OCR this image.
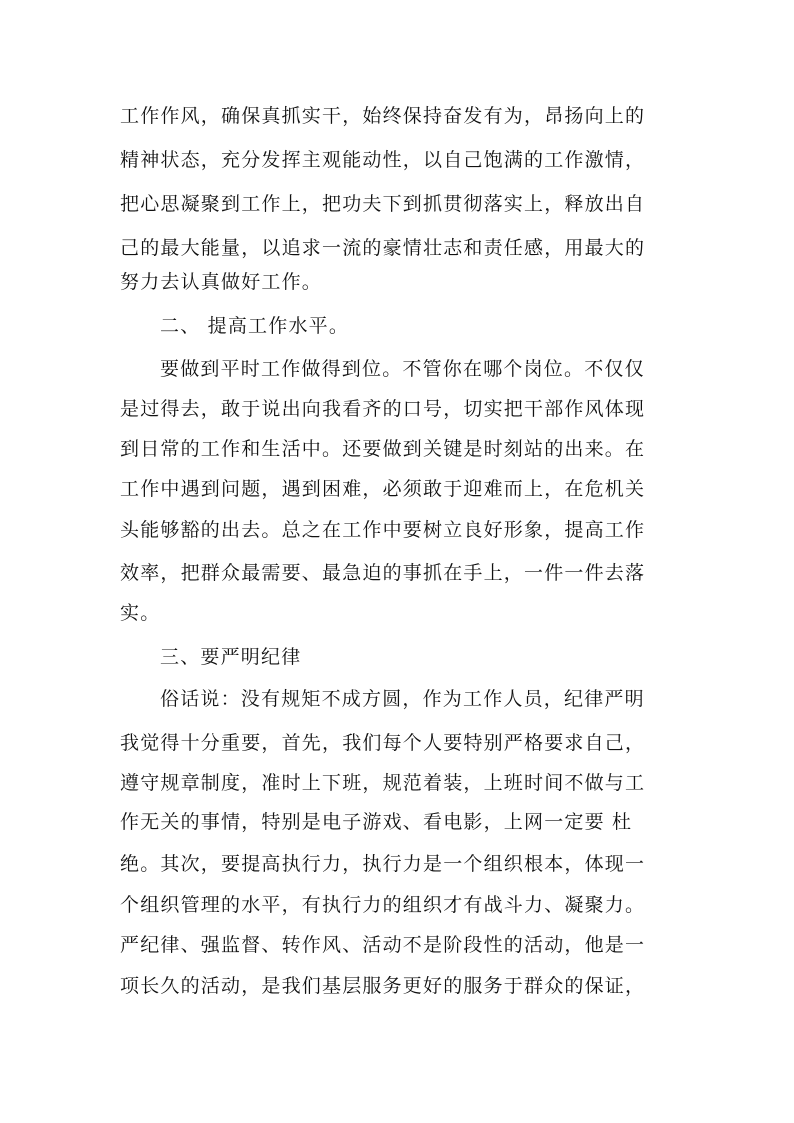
工作作风，确保真抓实干，始终保持奋发有为，昂扬向上的
精神状态，充分发挥主观能动性，以自己饱满的工作激情，
把心思凝聚到工作上，把功夫下到抓贯彻落实上，释放出自
己的最大能量，以追求一流的豪情壮志和责任感，用最大的
努力去认真做好工作。
二、 提高工作水平。
要做到平时工作做得到位。不管你在哪个岗位。不仅仅
是过得去，敢于说出向我看齐的口号，切实把干部作风体现
到日常的工作和生活中。还要做到关键是时刻站的出来。在
工作中遇到问题，遇到困难，必须敢于迎难而上，在危机关
头能够豁的出去。总之在工作中要树立良好形象，提高工作
效率，把群众最需要、最急迫的事抓在手上，一件一件去落
实。
三、要严明纪律
俗话说：没有规矩不成方圆，作为工作人员，纪律严明
我觉得十分重要，首先，我们每个人要特别严格要求自己，
遵守规章制度，准时上下班，规范着装，上班时间不做与工
作无关的事情，特别是电子游戏、看电影，上网一定要 杜
绝。其次，要提高执行力，执行力是一个组织根本，体现一
个组织管理的水平，有执行力的组织才有战斗力、凝聚力。
严纪律、强监督、转作风、活动不是阶段性的活动，他是一
项长久的活动，是我们基层服务更好的服务于群众的保证，
